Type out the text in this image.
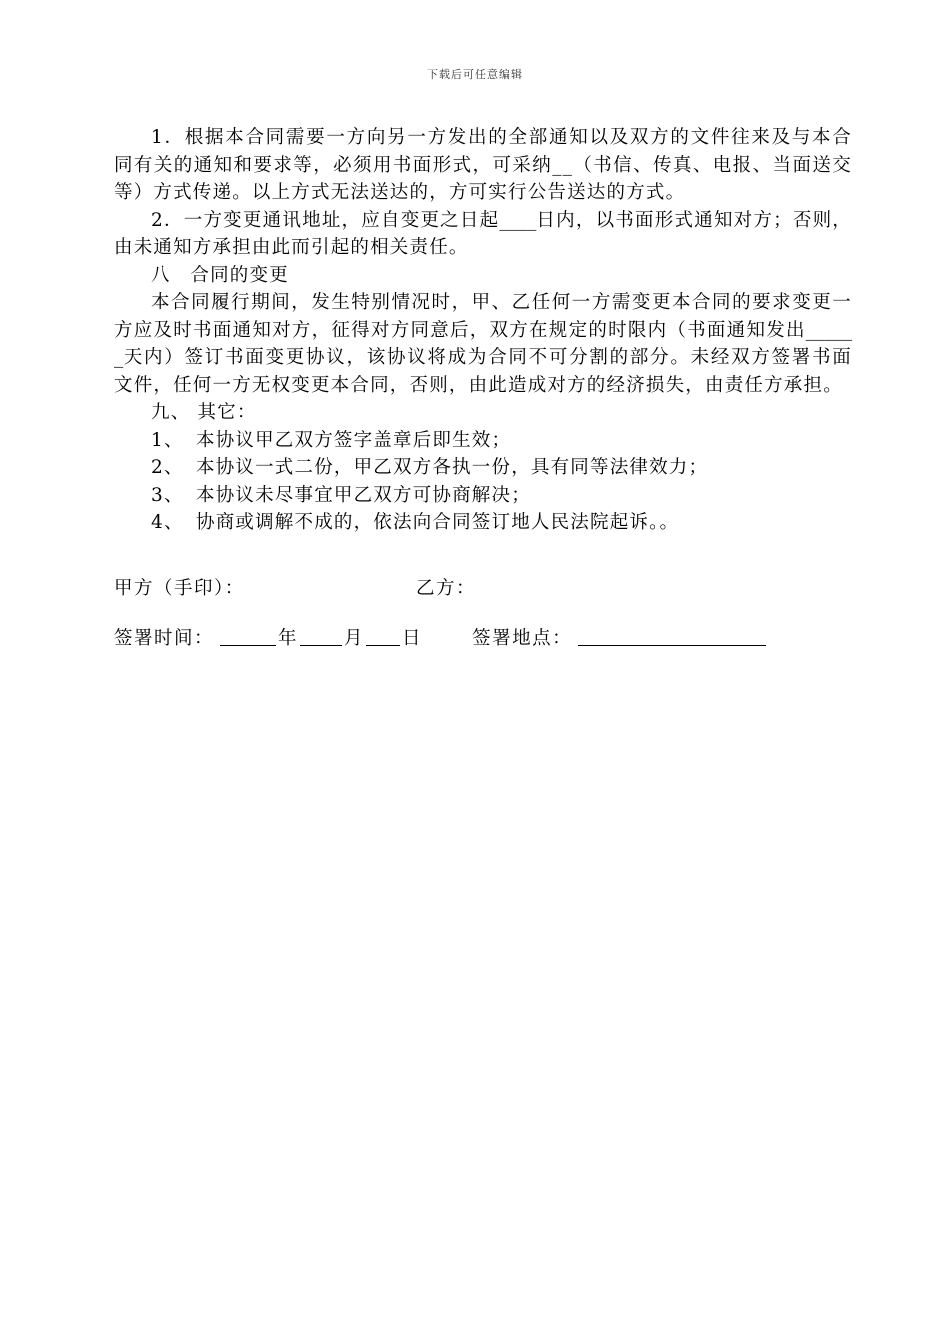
下载后可任意编辑

1．根据本合同需要一方向另一方发出的全部通知以及双方的文件往来及与本合同有关的通知和要求等，必须用书面形式，可采纳__（书信、传真、电报、当面送交等）方式传递。以上方式无法送达的，方可实行公告送达的方式。

2．一方变更通讯地址，应自变更之日起____日内，以书面形式通知对方；否则，由未通知方承担由此而引起的相关责任。

八　合同的变更

本合同履行期间，发生特别情况时，甲、乙任何一方需变更本合同的要求变更一方应及时书面通知对方，征得对方同意后，双方在规定的时限内（书面通知发出______天内）签订书面变更协议，该协议将成为合同不可分割的部分。未经双方签署书面文件，任何一方无权变更本合同，否则，由此造成对方的经济损失，由责任方承担。

九、 其它：

1、 本协议甲乙双方签字盖章后即生效；

2、 本协议一式二份，甲乙双方各执一份，具有同等法律效力；

3、 本协议未尽事宜甲乙双方可协商解决；

4、 协商或调解不成的，依法向合同签订地人民法院起诉。。

甲方（手印）：	乙方：
签署时间：	年 月 日	签署地点：
